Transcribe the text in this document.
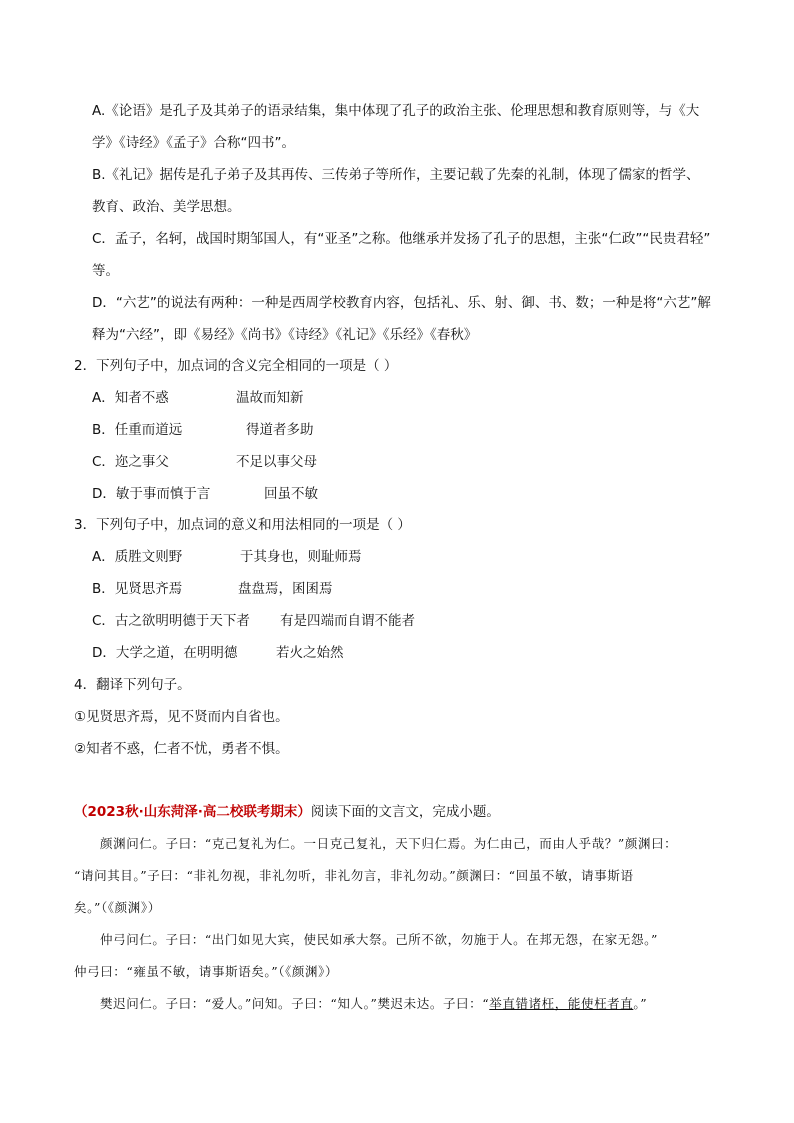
A.《论语》是孔子及其弟子的语录结集，集中体现了孔子的政治主张、伦理思想和教育原则等，与《大
学》《诗经》《孟子》合称“四书”。
B.《礼记》据传是孔子弟子及其再传、三传弟子等所作，主要记载了先秦的礼制，体现了儒家的哲学、
教育、政治、美学思想。
C．孟子，名轲，战国时期邹国人，有“亚圣”之称。他继承并发扬了孔子的思想，主张“仁政”“民贵君轻”
等。
D．“六艺”的说法有两种：一种是西周学校教育内容，包括礼、乐、射、御、书、数；一种是将“六艺”解
释为“六经”，即《易经》《尚书》《诗经》《礼记》《乐经》《春秋》
2．下列句子中，加点词的含义完全相同的一项是（ ）
A．知者不惑	温故而知新
B．任重而道远	得道者多助
C．迩之事父	不足以事父母
D．敏于事而慎于言	回虽不敏
3．下列句子中，加点词的意义和用法相同的一项是（ ）
A．质胜文则野	于其身也，则耻师焉
B．见贤思齐焉	盘盘焉，囷囷焉
C．古之欲明明德于天下者 有是四端而自谓不能者
D．大学之道，在明明德	若火之始然
4．翻译下列句子。
①见贤思齐焉，见不贤而内自省也。
②知者不惑，仁者不忧，勇者不惧。
（2023秋·山东菏泽·高二校联考期末）阅读下面的文言文，完成小题。
颜渊问仁。子曰：“克己复礼为仁。一日克己复礼，天下归仁焉。为仁由己，而由人乎哉？”颜渊曰：
“请问其目。”子曰：“非礼勿视，非礼勿听，非礼勿言，非礼勿动。”颜渊曰：“回虽不敏，请事斯语
矣。”（《颜渊》）
仲弓问仁。子曰：“出门如见大宾，使民如承大祭。己所不欲，勿施于人。在邦无怨，在家无怨。”
仲弓曰：“雍虽不敏，请事斯语矣。”（《颜渊》）
樊迟问仁。子曰：“爱人。”问知。子曰：“知人。”樊迟未达。子曰：“举直错诸枉，能使枉者直。”
